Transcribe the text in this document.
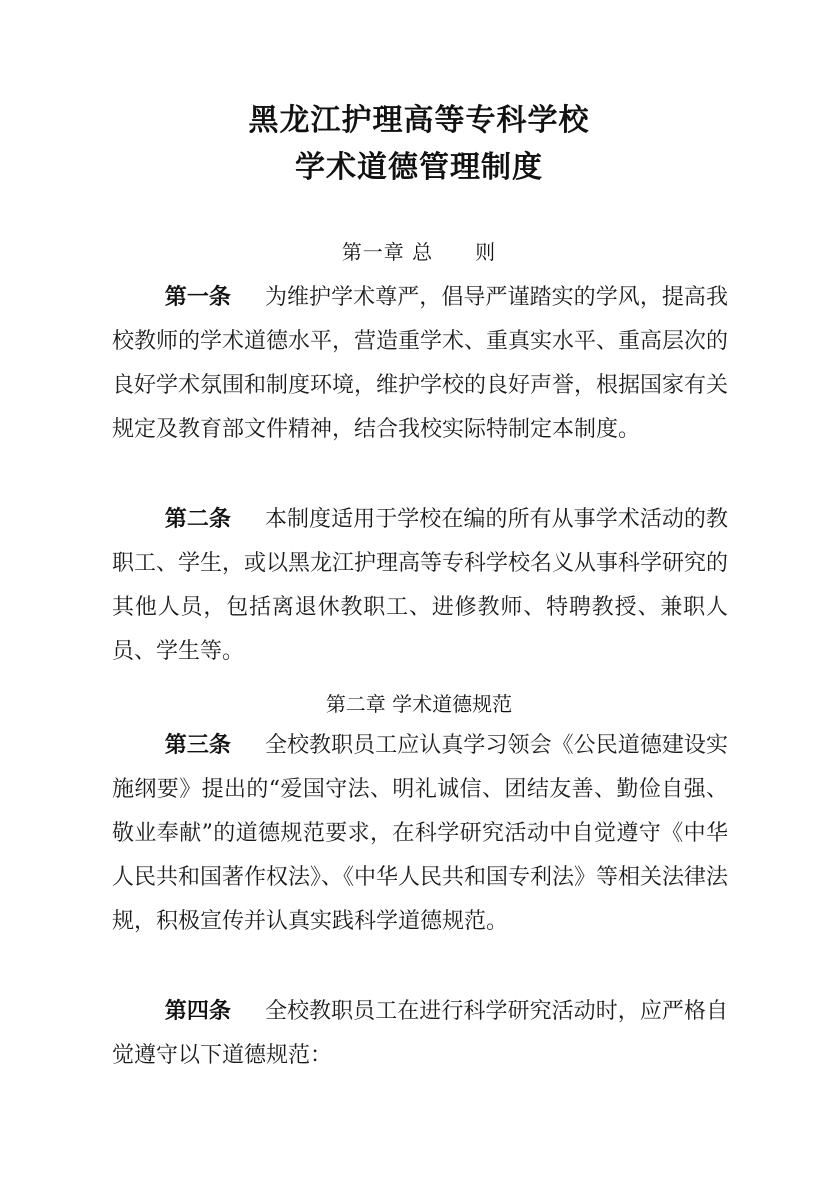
黑龙江护理高等专科学校
学术道德管理制度
第一章 总　　则

第一条 为维护学术尊严，倡导严谨踏实的学风，提高我校教师的学术道德水平，营造重学术、重真实水平、重高层次的良好学术氛围和制度环境，维护学校的良好声誉，根据国家有关规定及教育部文件精神，结合我校实际特制定本制度。

第二条 本制度适用于学校在编的所有从事学术活动的教职工、学生，或以黑龙江护理高等专科学校名义从事科学研究的其他人员，包括离退休教职工、进修教师、特聘教授、兼职人员、学生等。

第二章 学术道德规范

第三条 全校教职员工应认真学习领会《公民道德建设实施纲要》提出的“爱国守法、明礼诚信、团结友善、勤俭自强、敬业奉献”的道德规范要求，在科学研究活动中自觉遵守《中华人民共和国著作权法》、《中华人民共和国专利法》等相关法律法规，积极宣传并认真实践科学道德规范。

第四条 全校教职员工在进行科学研究活动时，应严格自觉遵守以下道德规范：
